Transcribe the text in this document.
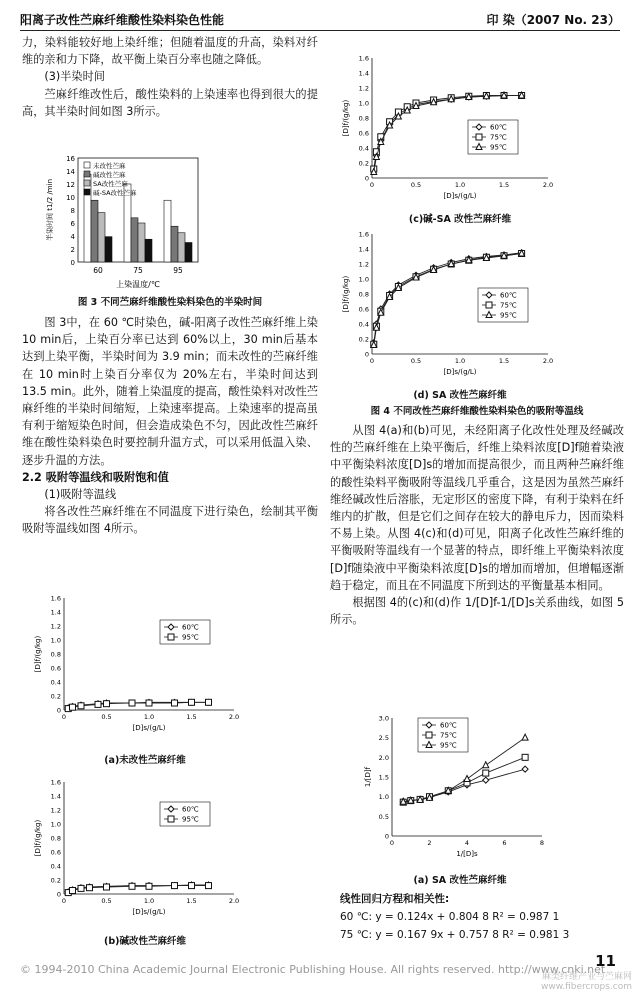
阳离子改性苎麻纤维酸性染料染色性能	印 染（2007 No. 23）

力，染料能较好地上染纤维；但随着温度的升高，染料对纤维的亲和力下降，故平衡上染百分率也随之降低。

(3)半染时间

苎麻纤维改性后，酸性染料的上染速率也得到很大的提高，其半染时间如图 3所示。

0
2
4
6
8
10
12
14
16
60	75	95
上染温度/℃
半染时间 t1/2 /min
未改性苎麻
碱改性苎麻
SA改性苎麻
碱-SA改性苎麻
图 3 不同苎麻纤维酸性染料染色的半染时间

图 3中，在 60 ℃时染色，碱-阳离子改性苎麻纤维上染 10 min后，上染百分率已达到 60%以上，30 min后基本达到上染平衡，半染时间为 3.9 min；而未改性的苎麻纤维在 10 min时上染百分率仅为 20%左右，半染时间达到 13.5 min。此外，随着上染温度的提高，酸性染料对改性苎麻纤维的半染时间缩短，上染速率提高。上染速率的提高虽有利于缩短染色时间，但会造成染色不匀，因此改性苎麻纤维在酸性染料染色时要控制升温方式，可以采用低温入染、逐步升温的方法。

2.2 吸附等温线和吸附饱和值

(1)吸附等温线

将各改性苎麻纤维在不同温度下进行染色，绘制其平衡吸附等温线如图 4所示。

0
0.2
0.4
0.6
0.8
1.0
1.2
1.4
1.6
0	0.5	1.0	1.5	2.0
[D]s/(g/L)
[D]f/(g/kg)
60℃
95℃
(a)未改性苎麻纤维
0
0.2
0.4
0.6
0.8
1.0
1.2
1.4
1.6
0	0.5	1.0	1.5	2.0
[D]s/(g/L)
[D]f/(g/kg)
60℃
95℃
(b)碱改性苎麻纤维
0
0.2
0.4
0.6
0.8
1.0
1.2
1.4
1.6
0	0.5	1.0	1.5	2.0
[D]s/(g/L)
[D]f/(g/kg)	60℃
75℃
95℃
(c)碱-SA 改性苎麻纤维
0
0.2
0.4
0.6
0.8
1.0
1.2
1.4
1.6
0	0.5	1.0	1.5	2.0
[D]s/(g/L)
[D]f/(g/kg)	60℃
75℃
95℃
(d) SA 改性苎麻纤维
图 4 不同改性苎麻纤维酸性染料染色的吸附等温线

从图 4(a)和(b)可见，未经阳离子化改性处理及经碱改性的苎麻纤维在上染平衡后，纤维上染料浓度[D]f随着染液中平衡染料浓度[D]s的增加而提高很少，而且两种苎麻纤维的酸性染料平衡吸附等温线几乎重合，这是因为虽然苎麻纤维经碱改性后溶胀，无定形区的密度下降，有利于染料在纤维内的扩散，但是它们之间存在较大的静电斥力，因而染料不易上染。从图 4(c)和(d)可见，阳离子化改性苎麻纤维的平衡吸附等温线有一个显著的特点，即纤维上平衡染料浓度[D]f随染液中平衡染料浓度[D]s的增加而增加，但增幅逐渐趋于稳定，而且在不同温度下所到达的平衡量基本相同。

根据图 4的(c)和(d)作 1/[D]f-1/[D]s关系曲线，如图 5所示。

0
0.5
1.0
1.5
2.0
2.5
3.0
0	2	4	6	8
1/[D]s
1/[D]f
60℃
75℃
95℃
(a) SA 改性苎麻纤维
线性回归方程和相关性:
60 ℃: y = 0.124x + 0.804 8 R² = 0.987 1
75 ℃: y = 0.167 9x + 0.757 8 R² = 0.981 3
© 1994-2010 China Academic Journal Electronic Publishing House. All rights reserved. http://www.cnki.net
11
麻类纤维产业与苎麻网
www.fibercrops.com
